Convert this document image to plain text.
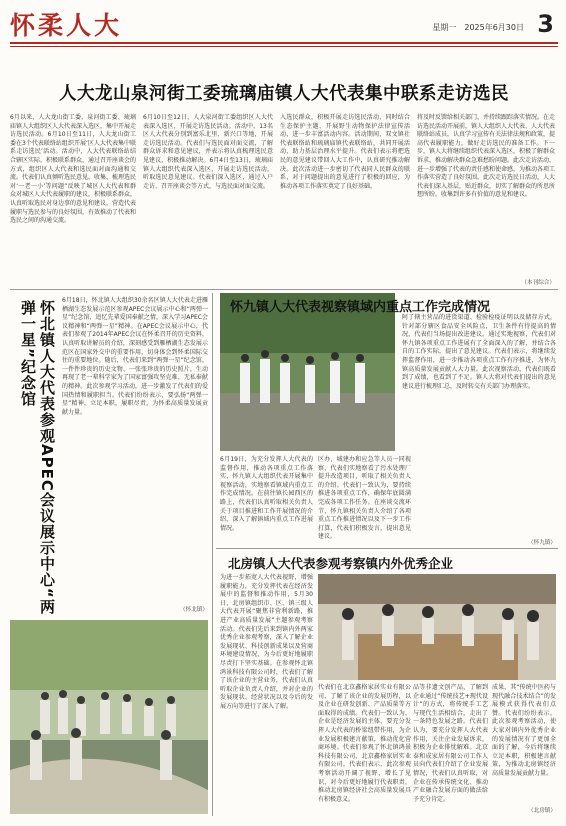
怀柔人大	星期一　2025年6月30日 3
人大龙山泉河街工委琉璃庙镇人大代表集中联系走访选民
6月以来，人大龙山街工委、泉河街工委、琉璃庙镇人大组织区人大代表深入选区，集中开展走访选民活动。6月10日至11日，人大龙山街工委在3个代表联络站组织开展‘区人大代表集中联系走访选民’活动。活动中，人大代表联络站结合辖区实际，积极联系群众，通过召开座谈会的方式，组织区人大代表和选民面对面沟通和交流。代表们认真倾听选民意见，收集、梳理选民对‘一老一小’等问题”反映了城区人大代表和群众对城区人大代表履职的建议，积极联系群众，认真听取选民对身边事的意见和建议，营造代表履职与选民参与的良好氛围，有效推动了代表和选民之间的沟通交流。
6月10日至12日，人大泉河街工委组织区人大代表深入选区，开展走访选民活动。活动中，13名区人大代表分别到富乐北里、新兴口等地，开展走访选民活动。代表们与选民面对面交流，了解群众诉求和意见建议，并表示将认真梳理选民意见建议，积极推动解决。6月4日至13日，琉璃庙镇人大组织代表深入选区，开展走访选民活动，听取选民意见建议。代表们深入选区，通过入户走访、召开座谈会等方式，与选民面对面交流。
入选民群众，积极开展走访选民活动，同时结合生态保护主题，开展野生动物保护法律宣传活动，进一步丰富活动内容。活动期间，双文镇社代表联络站和琉璃庙镇代表联络站，共同开展活动，助力基层治理水平提升。代表们表示将把选民的意见建议带回人大工作中，认真研究推动解决。此次活动进一步密切了代表同人民群众的联系，对于问题提出的意见进行了积极的回应，为推动各项工作落实奠定了良好基础。
将及时反馈给相关部门，并持续跟踪落实情况。在走访选民活动开展前，镇人大组织人大代表、人大代表联络站成员，认真学习宣传有关法律法规和政策，提高代表履职能力，做好走访选民的准备工作。下一步，镇人大将继续组织代表深入选区，积极了解群众诉求，推动解决群众急难愁盼问题。此次走访活动，进一步增强了代表的责任感和使命感，为推动各项工作落实营造了良好氛围。此次走访选民日活动，人大代表们深入基层，贴近群众，切实了解群众的所思所想所盼，收集到许多有价值的意见和建议。
（本刊综合）
怀北镇人大代表参观APEC会议展示中心“两弹一星”纪念馆	6月18日，怀北镇人大组织30余名区镇人大代表走进雁栖湖生态发展示范区参观APEC会议展示中心和“两弹一星”纪念馆，追忆先辈爱国奉献之情，深入学习APEC会议精神和“两弹一星”精神。在APEC会议展示中心，代表们参观了2014年APEC会议在怀柔召开的历史资料，认真听取讲解员的介绍，深刻感受到雁栖湖生态发展示范区在国家外交中的重要作用，切身体会到怀柔国际交往的重要地位。随后，代表们来到“两弹一星”纪念馆，一件件珍贵的历史文物、一张张珍贵的历史照片，生动再现了老一辈科学家为了国家富强攻坚克难、无私奉献的精神。此次参观学习活动，进一步激发了代表们的爱国热情和履职担当。代表们纷纷表示，要弘扬“两弹一星”精神，立足本职，履职尽责，为怀柔高质量发展贡献力量。
（怀北镇）
怀九镇人大代表视察镇域内重点工作完成情况
6月19日，为充分发挥人大代表的监督作用，推动各项重点工作落实，怀九镇人大组织代表开展集中视察活动，实地察看镇域内重点工作完成情况。在前往镇长园西区的路上，代表们认真听取相关负责人关于项目推进和工作开展情况的介绍，深入了解镇域内重点工作进展情况。
区办，城建办和应急等人员一同视察，代表们实地察看了污水处理厂提升改造项目，听取了相关负责人的介绍。代表们一致认为，要持续推进各项重点工作，确保年底圆满完成各项工作任务。在座谈交流环节，怀九镇相关负责人介绍了各项重点工作推进情况以及下一步工作打算，代表们积极发言，提出意见建议。
阿了辖主营品的进货渠道、检验检疫证明以及储存方式，针对部分辖区食品安全风险点，卫生条件有待提高的情况，代表们当场提出改进建议。通过实地视察，代表们对怀九镇各项重点工作进展有了全面深入的了解，并结合各自的工作实际，提出了意见建议。代表们表示，将继续发挥监督作用，进一步推动各项重点工作有序推进，为怀九镇高质量发展贡献人大力量。此次视察活动，代表们既看到了成绩，也看到了不足。镇人大将对代表们提出的意见建议进行梳理汇总，及时转交有关部门办理落实。
（怀九镇）
北房镇人大代表参观考察镇内外优秀企业
为进一步拓宽人大代表视野，增强履职能力，充分发挥代表在经济发展中的监督和推动作用，5月30日，北房镇组织市、区、镇三级人大代表开展“聚焦非营利新路，推进产业高质量发展”主题参观考察活动。代表们先后来到镇内外两家优秀企业参观考察，深入了解企业发展现状、科技创新成果以及营商环境建设情况，为今后更好地履职尽责打下坚实基础。在参观怀北镇鸿景科技有限公司时，代表们了解了该企业的主营业务，代表们认真听取企业负责人介绍，并对企业的发展现状、经营状况以及今后的发展方向等进行了深入了解。
代表们在北京鑫格家居实业有限公司，了解了该企业的发展历程，以及企业在研发创新、产品质量等方面取得的成绩。代表们一致认为，企业是经济发展的主体，要充分发挥人大代表的桥梁纽带作用，为企业发展积极建言献策，推动优化营商环境。代表们参观了怀北镇鸿景科技有限公司、北京鑫格家居实业有限公司。代表们表示，此次参观考察活动开阔了视野，增长了见识，对今后更好地履行代表职责，推动北房镇经济社会高质量发展具有积极意义。
品等非遗文创产品，了解到企业通过“传统技艺+现代设计”的方式，将传统手工艺与现代生活相结合，走出了一条特色发展之路。代表们认为，要充分发挥人大代表作用，关注企业发展诉求，积极为企业排忧解难。北京泰和成家居有限公司工作人员向代表们介绍了企业发展情况，代表们认真听取，对企业在传承传统文化、推动产业融合发展方面的做法给予充分肯定。
成果，其“传统中医药与现代融合技术结合”的发展模式获得代表们点赞。代表们纷纷表示，此次参观考察活动，使大家对镇内外优秀企业的发展情况有了更加全面的了解，今后将继续立足本职，积极建言献策，为推动北房镇经济高质量发展贡献力量。
（北房镇）
